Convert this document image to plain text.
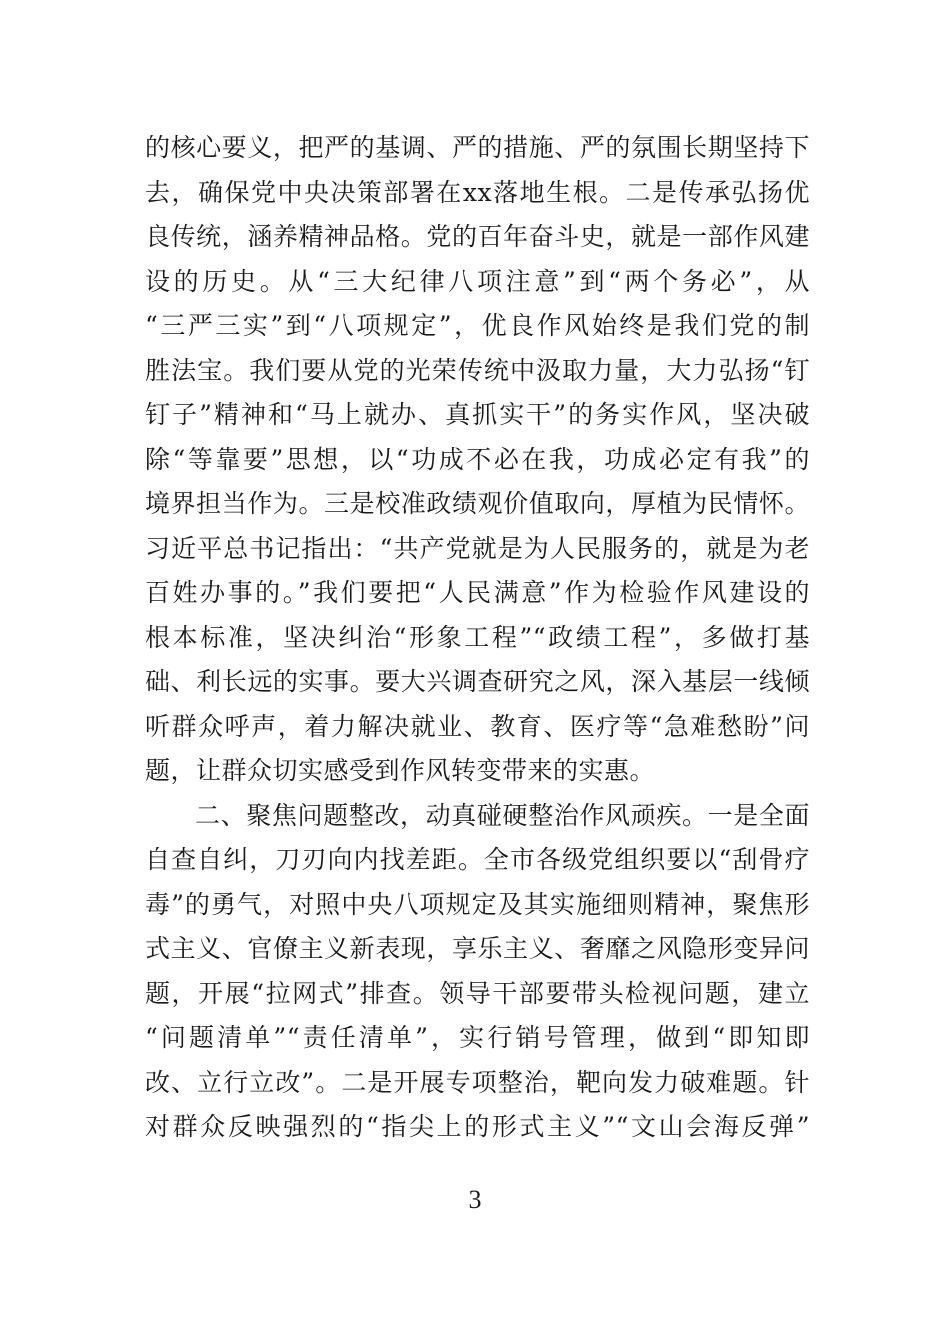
的核心要义，把严的基调、严的措施、严的氛围长期坚持下
去，确保党中央决策部署在xx落地生根。二是传承弘扬优
良传统，涵养精神品格。党的百年奋斗史，就是一部作风建
设的历史。从“三大纪律八项注意”到“两个务必”，从
“三严三实”到“八项规定”，优良作风始终是我们党的制
胜法宝。我们要从党的光荣传统中汲取力量，大力弘扬“钉
钉子”精神和“马上就办、真抓实干”的务实作风，坚决破
除“等靠要”思想，以“功成不必在我，功成必定有我”的
境界担当作为。三是校准政绩观价值取向，厚植为民情怀。
习近平总书记指出：“共产党就是为人民服务的，就是为老
百姓办事的。”我们要把“人民满意”作为检验作风建设的
根本标准，坚决纠治“形象工程”“政绩工程”，多做打基
础、利长远的实事。要大兴调查研究之风，深入基层一线倾
听群众呼声，着力解决就业、教育、医疗等“急难愁盼”问
题，让群众切实感受到作风转变带来的实惠。
二、聚焦问题整改，动真碰硬整治作风顽疾。一是全面
自查自纠，刀刃向内找差距。全市各级党组织要以“刮骨疗
毒”的勇气，对照中央八项规定及其实施细则精神，聚焦形
式主义、官僚主义新表现，享乐主义、奢靡之风隐形变异问
题，开展“拉网式”排查。领导干部要带头检视问题，建立
“问题清单”“责任清单”，实行销号管理，做到“即知即
改、立行立改”。二是开展专项整治，靶向发力破难题。针
对群众反映强烈的“指尖上的形式主义”“文山会海反弹”
3
